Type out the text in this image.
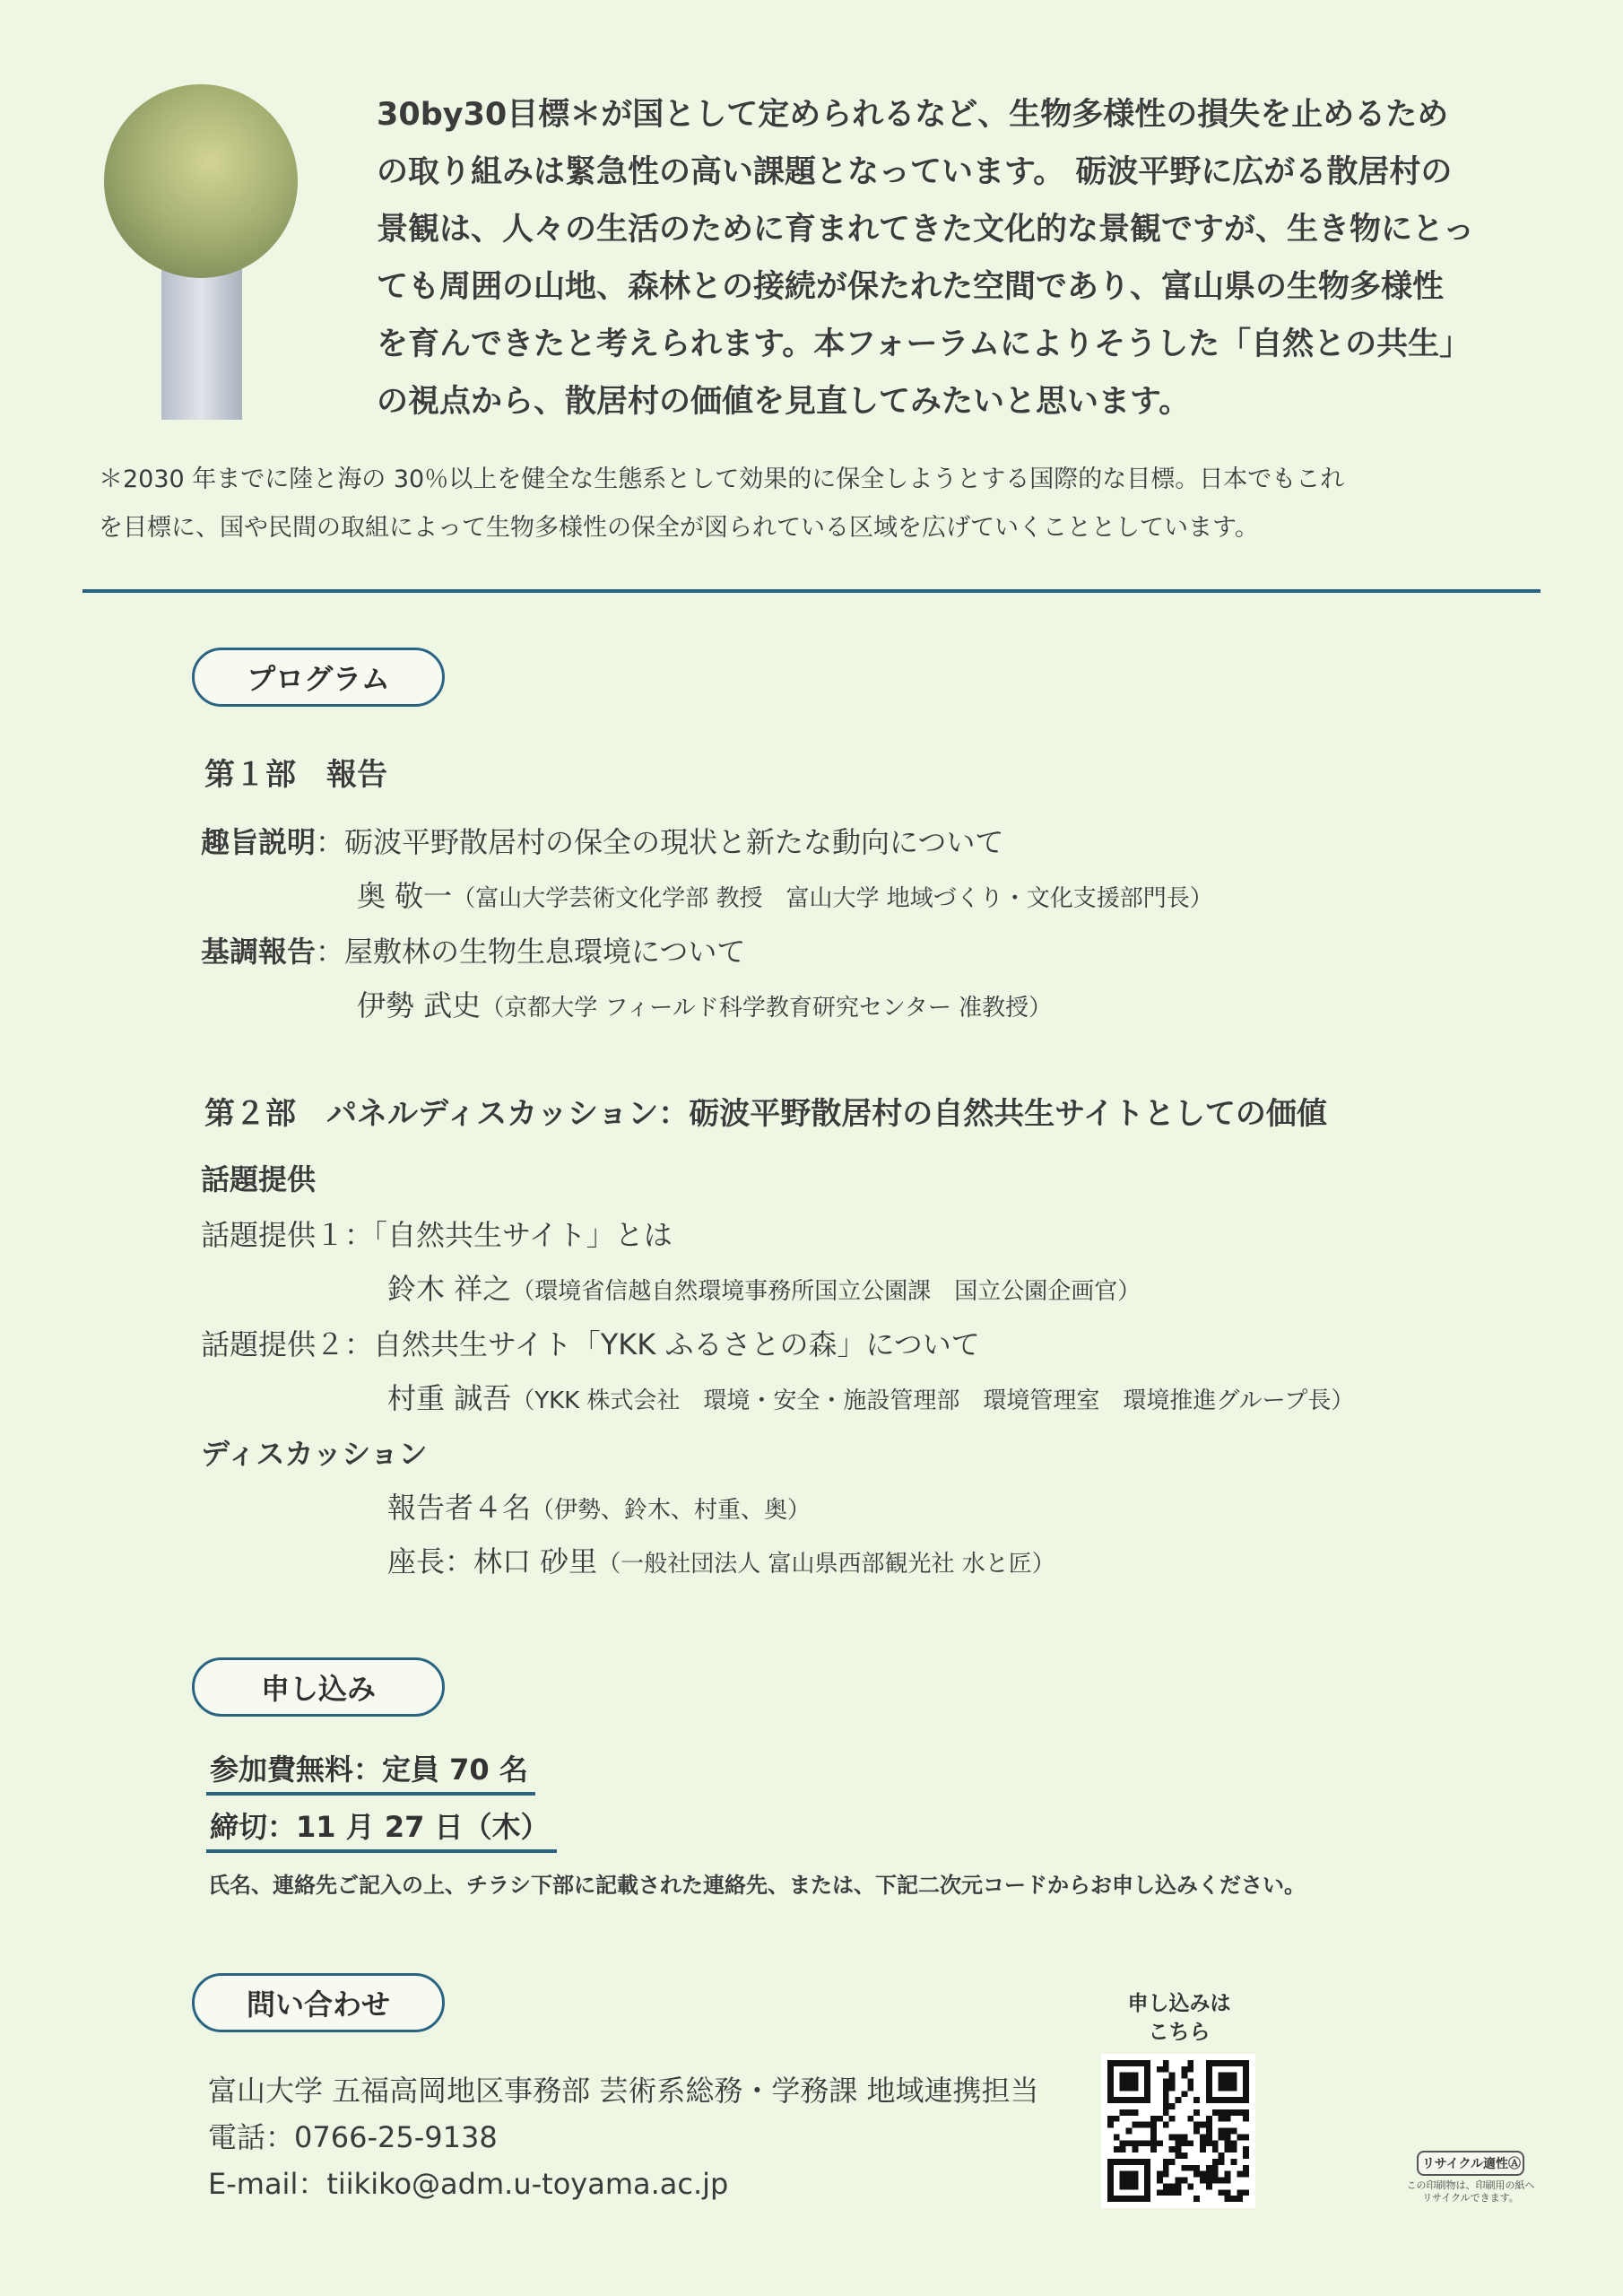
30by30目標＊が国として定められるなど、生物多様性の損失を止めるため

の取り組みは緊急性の高い課題となっています。 砺波平野に広がる散居村の

景観は、人々の生活のために育まれてきた文化的な景観ですが、生き物にとっ

ても周囲の山地、森林との接続が保たれた空間であり、富山県の生物多様性

を育んできたと考えられます。本フォーラムによりそうした「自然との共生」

の視点から、散居村の価値を見直してみたいと思います。

＊2030 年までに陸と海の 30％以上を健全な生態系として効果的に保全しようとする国際的な目標。日本でもこれ

を目標に、国や民間の取組によって生物多様性の保全が図られている区域を広げていくこととしています。

プログラム
第１部　報告
趣旨説明：砺波平野散居村の保全の現状と新たな動向について
奥 敬一（富山大学芸術文化学部 教授　富山大学 地域づくり・文化支援部門長）
基調報告：屋敷林の生物生息環境について
伊勢 武史（京都大学 フィールド科学教育研究センター 准教授）
第２部　パネルディスカッション：砺波平野散居村の自然共生サイトとしての価値
話題提供
話題提供１：「自然共生サイト」とは
鈴木 祥之（環境省信越自然環境事務所国立公園課　国立公園企画官）
話題提供２：自然共生サイト「YKK ふるさとの森」について
村重 誠吾（YKK 株式会社　環境・安全・施設管理部　環境管理室　環境推進グループ長）
ディスカッション
報告者４名（伊勢、鈴木、村重、奥）
座長：林口 砂里（一般社団法人 富山県西部観光社 水と匠）
申し込み
参加費無料：定員 70 名
締切：11 月 27 日（木）
氏名、連絡先ご記入の上、チラシ下部に記載された連絡先、または、下記二次元コードからお申し込みください。
問い合わせ
富山大学 五福高岡地区事務部 芸術系総務・学務課 地域連携担当
電話：0766-25-9138
E-mail：tiikiko@adm.u-toyama.ac.jp
申し込みは
こちら
リサイクル適性Ⓐ
この印刷物は、印刷用の紙へ
リサイクルできます。
